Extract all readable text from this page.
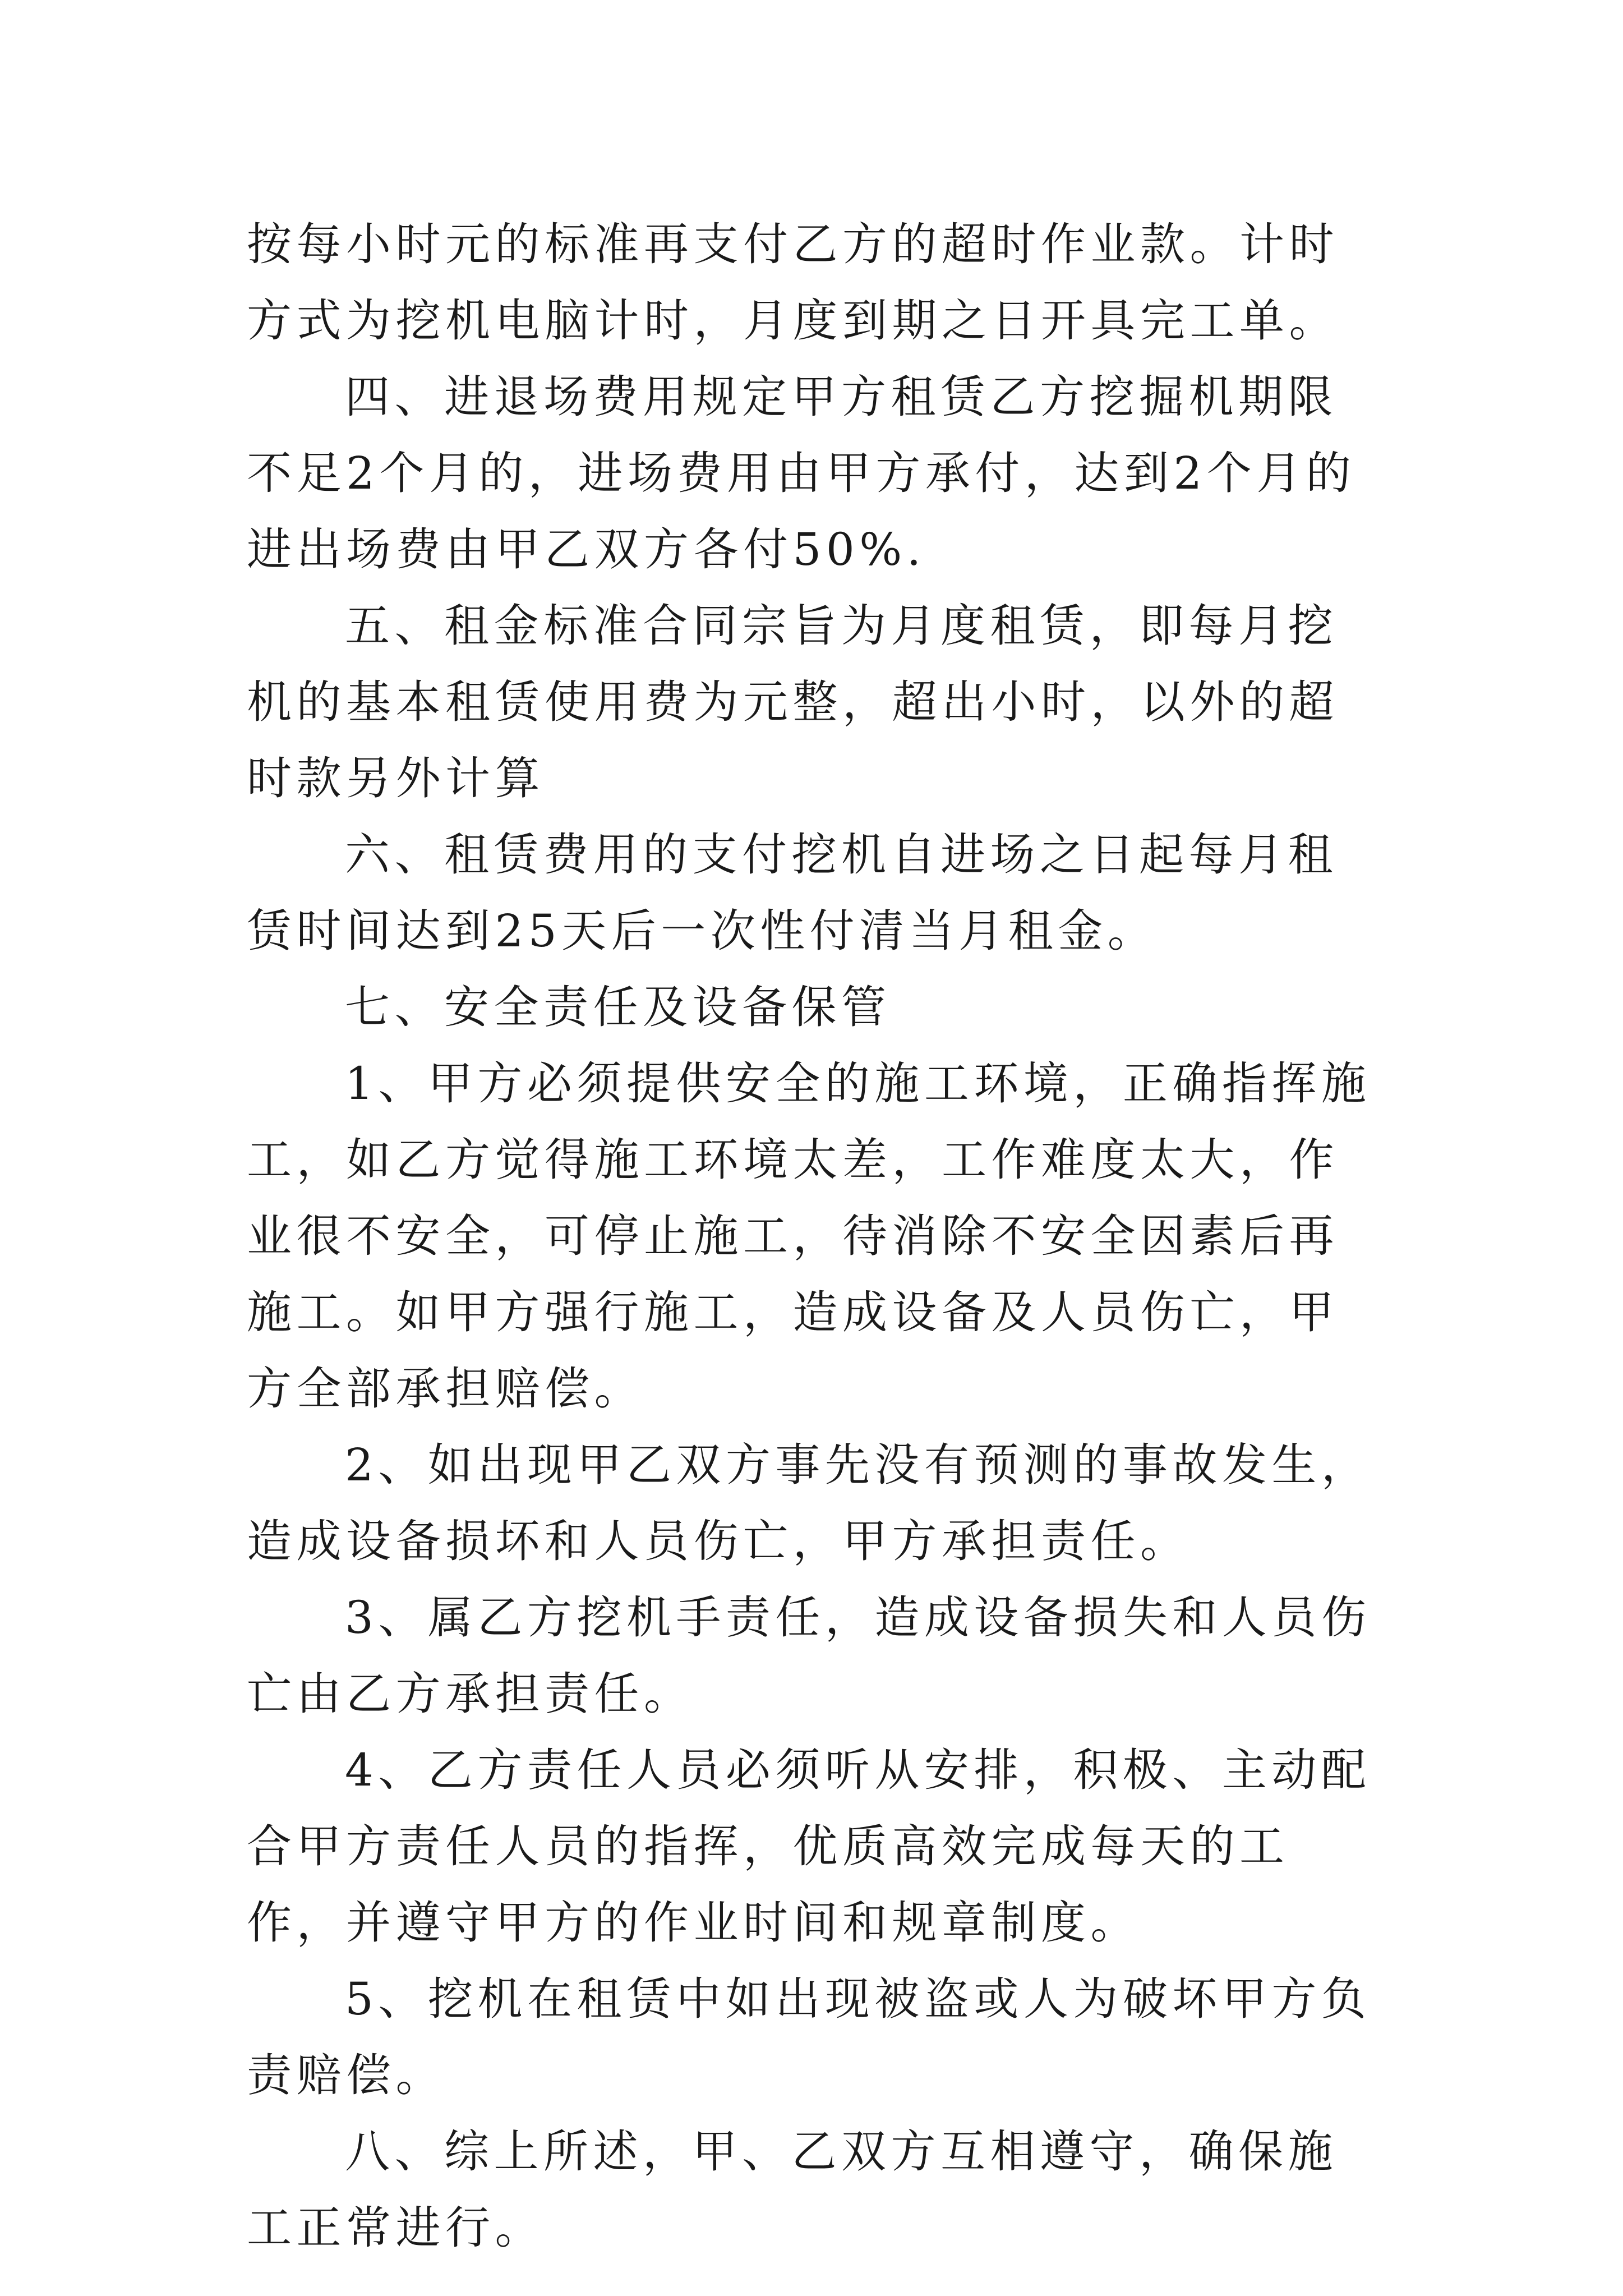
按每小时元的标准再支付乙方的超时作业款。计时方式为挖机电脑计时，月度到期之日开具完工单。

四、进退场费用规定甲方租赁乙方挖掘机期限不足2个月的，进场费用由甲方承付，达到2个月的进出场费由甲乙双方各付50%.

五、租金标准合同宗旨为月度租赁，即每月挖机的基本租赁使用费为元整，超出小时，以外的超时款另外计算

六、租赁费用的支付挖机自进场之日起每月租赁时间达到25天后一次性付清当月租金。

七、安全责任及设备保管

1、甲方必须提供安全的施工环境，正确指挥施工，如乙方觉得施工环境太差，工作难度太大，作业很不安全，可停止施工，待消除不安全因素后再施工。如甲方强行施工，造成设备及人员伤亡，甲方全部承担赔偿。

2、如出现甲乙双方事先没有预测的事故发生，造成设备损坏和人员伤亡，甲方承担责任。

3、属乙方挖机手责任，造成设备损失和人员伤亡由乙方承担责任。

4、乙方责任人员必须听从安排，积极、主动配合甲方责任人员的指挥，优质高效完成每天的工作，并遵守甲方的作业时间和规章制度。

5、挖机在租赁中如出现被盗或人为破坏甲方负责赔偿。

八、综上所述，甲、乙双方互相遵守，确保施工正常进行。
